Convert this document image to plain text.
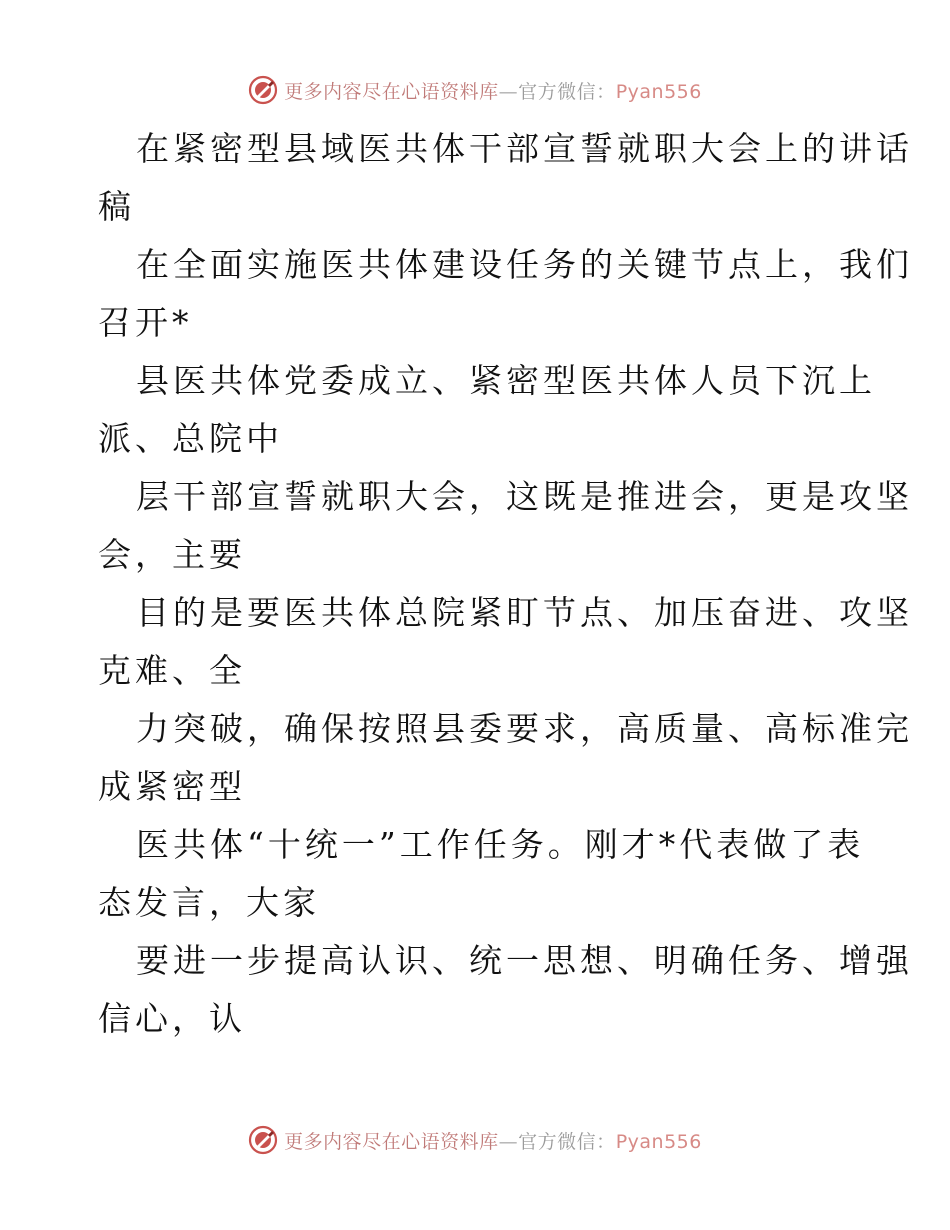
更多内容尽在心语资料库—官方微信：Pyan556

在紧密型县域医共体干部宣誓就职大会上的讲话
稿

在全面实施医共体建设任务的关键节点上，我们
召开*

县医共体党委成立、紧密型医共体人员下沉上
派、总院中

层干部宣誓就职大会，这既是推进会，更是攻坚
会，主要

目的是要医共体总院紧盯节点、加压奋进、攻坚
克难、全

力突破，确保按照县委要求，高质量、高标准完
成紧密型

医共体“十统一”工作任务。刚才*代表做了表
态发言，大家

要进一步提高认识、统一思想、明确任务、增强
信心，认

更多内容尽在心语资料库—官方微信：Pyan556
